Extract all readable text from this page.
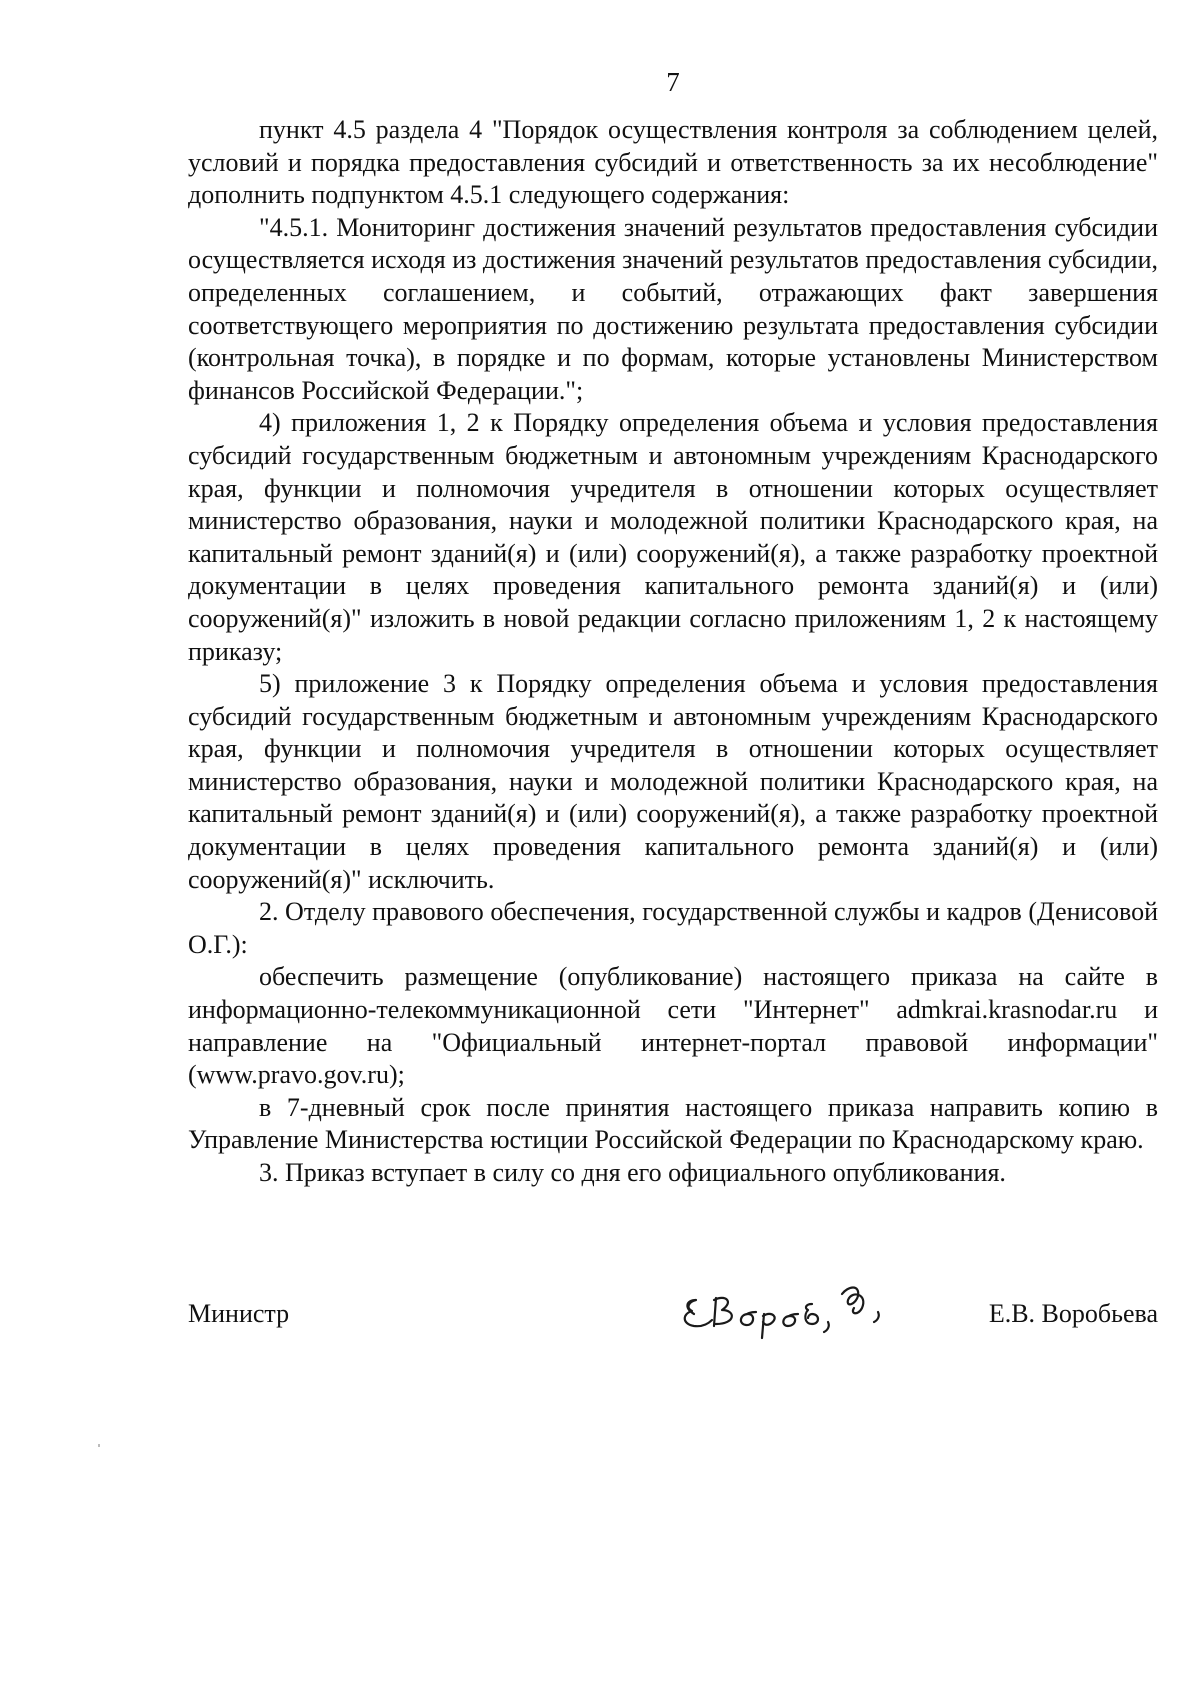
7

пункт 4.5 раздела 4 "Порядок осуществления контроля за соблюдением целей, условий и порядка предоставления субсидий и ответственность за их несоблюдение" дополнить подпунктом 4.5.1 следующего содержания:

"4.5.1. Мониторинг достижения значений результатов предоставления субсидии осуществляется исходя из достижения значений результатов предоставления субсидии, определенных соглашением, и событий, отражающих факт завершения соответствующего мероприятия по достижению результата предоставления субсидии (контрольная точка), в порядке и по формам, которые установлены Министерством финансов Российской Федерации.";

4) приложения 1, 2 к Порядку определения объема и условия предоставления субсидий государственным бюджетным и автономным учреждениям Краснодарского края, функции и полномочия учредителя в отношении которых осуществляет министерство образования, науки и молодежной политики Краснодарского края, на капитальный ремонт зданий(я) и (или) сооружений(я), а также разработку проектной документации в целях проведения капитального ремонта зданий(я) и (или) сооружений(я)" изложить в новой редакции согласно приложениям 1, 2 к настоящему приказу;

5) приложение 3 к Порядку определения объема и условия предоставления субсидий государственным бюджетным и автономным учреждениям Краснодарского края, функции и полномочия учредителя в отношении которых осуществляет министерство образования, науки и молодежной политики Краснодарского края, на капитальный ремонт зданий(я) и (или) сооружений(я), а также разработку проектной документации в целях проведения капитального ремонта зданий(я) и (или) сооружений(я)" исключить.

2. Отделу правового обеспечения, государственной службы и кадров (Денисовой О.Г.):

обеспечить размещение (опубликование) настоящего приказа на сайте в информационно-телекоммуникационной сети "Интернет" admkrai.krasnodar.ru и направление на "Официальный интернет-портал правовой информации" (www.pravo.gov.ru);

в 7-дневный срок после принятия настоящего приказа направить копию в Управление Министерства юстиции Российской Федерации по Краснодарскому краю.

3. Приказ вступает в силу со дня его официального опубликования.

Министр	Е.В. Воробьева
